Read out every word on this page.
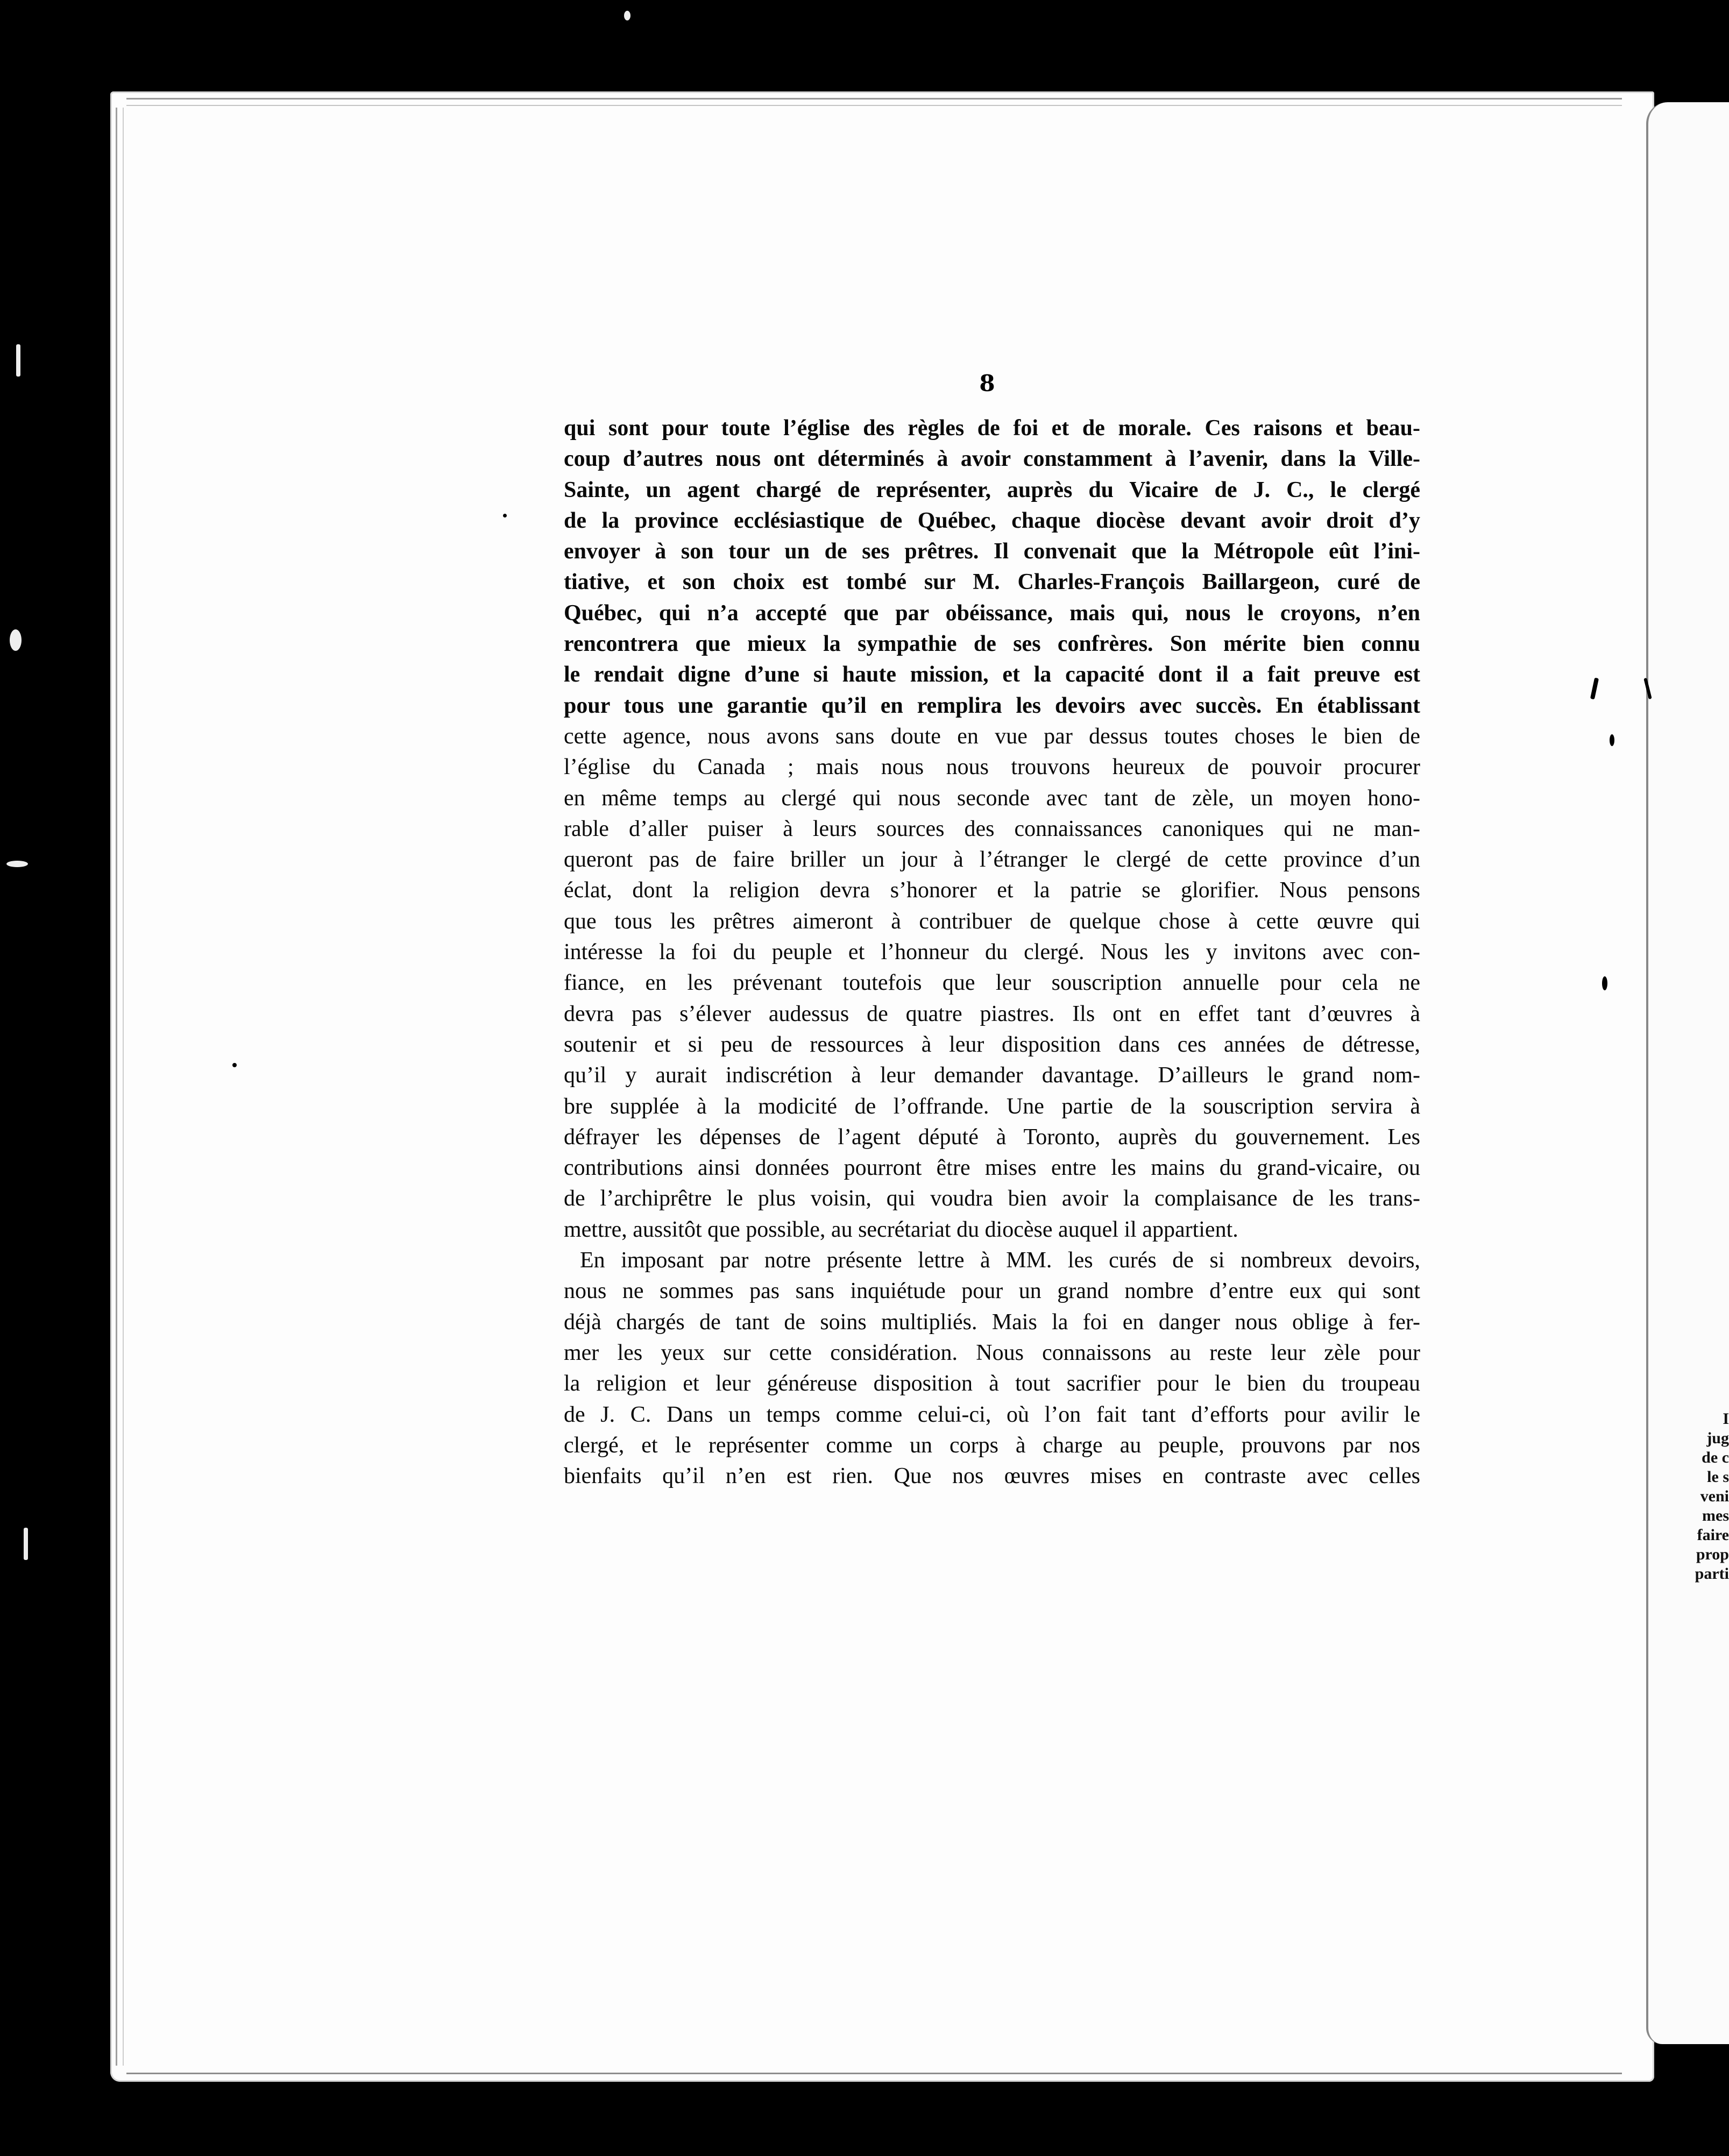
I
jug
de c
le s
veni
mes
faire
prop
parti
8
qui sont pour toute l’église des règles de foi et de morale. Ces raisons et beau-
coup d’autres nous ont déterminés à avoir constamment à l’avenir, dans la Ville-
Sainte, un agent chargé de représenter, auprès du Vicaire de J. C., le clergé
de la province ecclésiastique de Québec, chaque diocèse devant avoir droit d’y
envoyer à son tour un de ses prêtres. Il convenait que la Métropole eût l’ini-
tiative, et son choix est tombé sur M. Charles-François Baillargeon, curé de
Québec, qui n’a accepté que par obéissance, mais qui, nous le croyons, n’en
rencontrera que mieux la sympathie de ses confrères. Son mérite bien connu
le rendait digne d’une si haute mission, et la capacité dont il a fait preuve est
pour tous une garantie qu’il en remplira les devoirs avec succès. En établissant
cette agence, nous avons sans doute en vue par dessus toutes choses le bien de
l’église du Canada ; mais nous nous trouvons heureux de pouvoir procurer
en même temps au clergé qui nous seconde avec tant de zèle, un moyen hono-
rable d’aller puiser à leurs sources des connaissances canoniques qui ne man-
queront pas de faire briller un jour à l’étranger le clergé de cette province d’un
éclat, dont la religion devra s’honorer et la patrie se glorifier. Nous pensons
que tous les prêtres aimeront à contribuer de quelque chose à cette œuvre qui
intéresse la foi du peuple et l’honneur du clergé. Nous les y invitons avec con-
fiance, en les prévenant toutefois que leur souscription annuelle pour cela ne
devra pas s’élever audessus de quatre piastres. Ils ont en effet tant d’œuvres à
soutenir et si peu de ressources à leur disposition dans ces années de détresse,
qu’il y aurait indiscrétion à leur demander davantage. D’ailleurs le grand nom-
bre supplée à la modicité de l’offrande. Une partie de la souscription servira à
défrayer les dépenses de l’agent député à Toronto, auprès du gouvernement. Les
contributions ainsi données pourront être mises entre les mains du grand-vicaire, ou
de l’archiprêtre le plus voisin, qui voudra bien avoir la complaisance de les trans-
mettre, aussitôt que possible, au secrétariat du diocèse auquel il appartient.
En imposant par notre présente lettre à MM. les curés de si nombreux devoirs,
nous ne sommes pas sans inquiétude pour un grand nombre d’entre eux qui sont
déjà chargés de tant de soins multipliés. Mais la foi en danger nous oblige à fer-
mer les yeux sur cette considération. Nous connaissons au reste leur zèle pour
la religion et leur généreuse disposition à tout sacrifier pour le bien du troupeau
de J. C. Dans un temps comme celui-ci, où l’on fait tant d’efforts pour avilir le
clergé, et le représenter comme un corps à charge au peuple, prouvons par nos
bienfaits qu’il n’en est rien. Que nos œuvres mises en contraste avec celles
